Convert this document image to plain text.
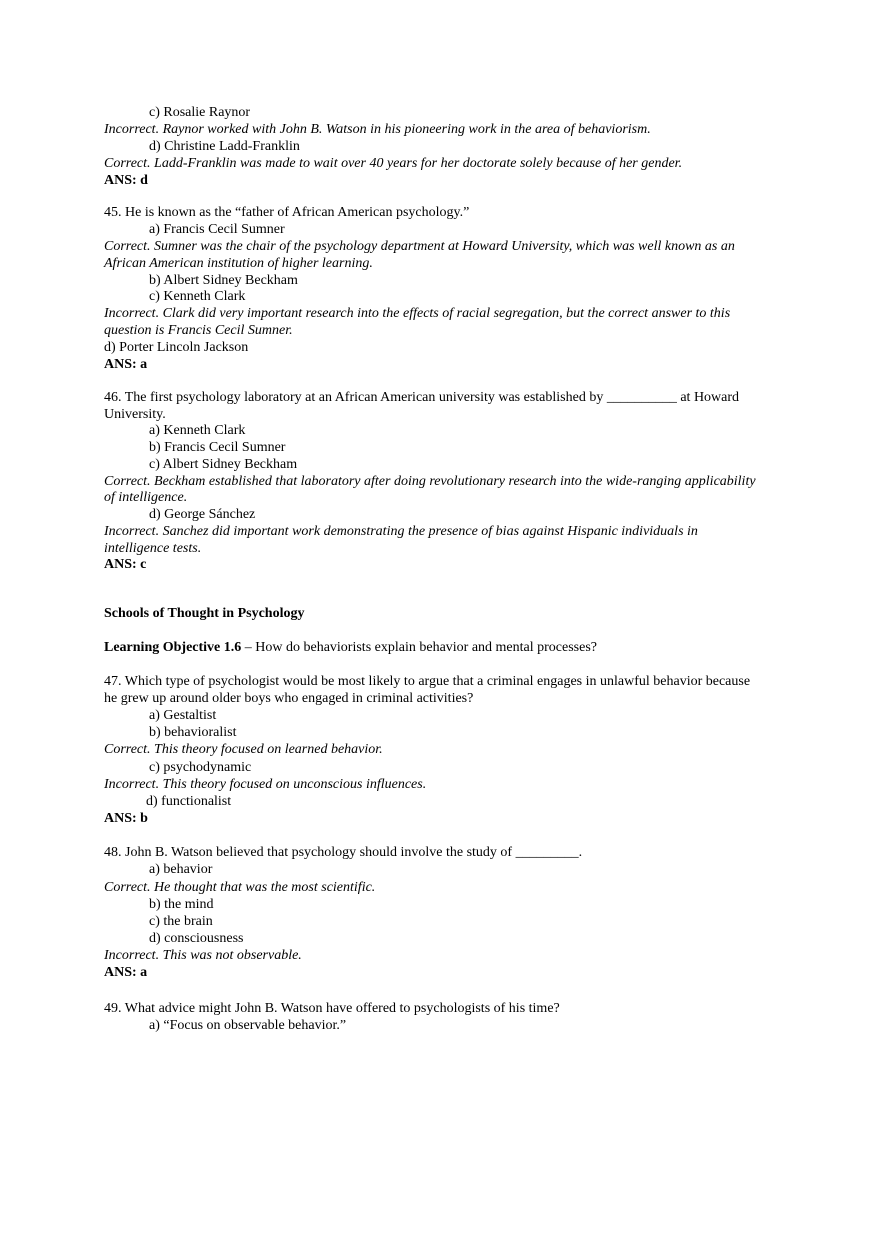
c) Rosalie Raynor
Incorrect. Raynor worked with John B. Watson in his pioneering work in the area of behaviorism.
d) Christine Ladd-Franklin
Correct. Ladd-Franklin was made to wait over 40 years for her doctorate solely because of her gender.
ANS: d
45. He is known as the “father of African American psychology.”
a) Francis Cecil Sumner
Correct. Sumner was the chair of the psychology department at Howard University, which was well known as an
African American institution of higher learning.
b) Albert Sidney Beckham
c) Kenneth Clark
Incorrect. Clark did very important research into the effects of racial segregation, but the correct answer to this
question is Francis Cecil Sumner.
d) Porter Lincoln Jackson
ANS: a
46. The first psychology laboratory at an African American university was established by __________ at Howard
University.
a) Kenneth Clark
b) Francis Cecil Sumner
c) Albert Sidney Beckham
Correct. Beckham established that laboratory after doing revolutionary research into the wide-ranging applicability
of intelligence.
d) George Sánchez
Incorrect. Sanchez did important work demonstrating the presence of bias against Hispanic individuals in
intelligence tests.
ANS: c
Schools of Thought in Psychology
Learning Objective 1.6 – How do behaviorists explain behavior and mental processes?
47. Which type of psychologist would be most likely to argue that a criminal engages in unlawful behavior because
he grew up around older boys who engaged in criminal activities?
a) Gestaltist
b) behavioralist
Correct. This theory focused on learned behavior.
c) psychodynamic
Incorrect. This theory focused on unconscious influences.
d) functionalist
ANS: b
48. John B. Watson believed that psychology should involve the study of _________.
a) behavior
Correct. He thought that was the most scientific.
b) the mind
c) the brain
d) consciousness
Incorrect. This was not observable.
ANS: a
49. What advice might John B. Watson have offered to psychologists of his time?
a) “Focus on observable behavior.”
